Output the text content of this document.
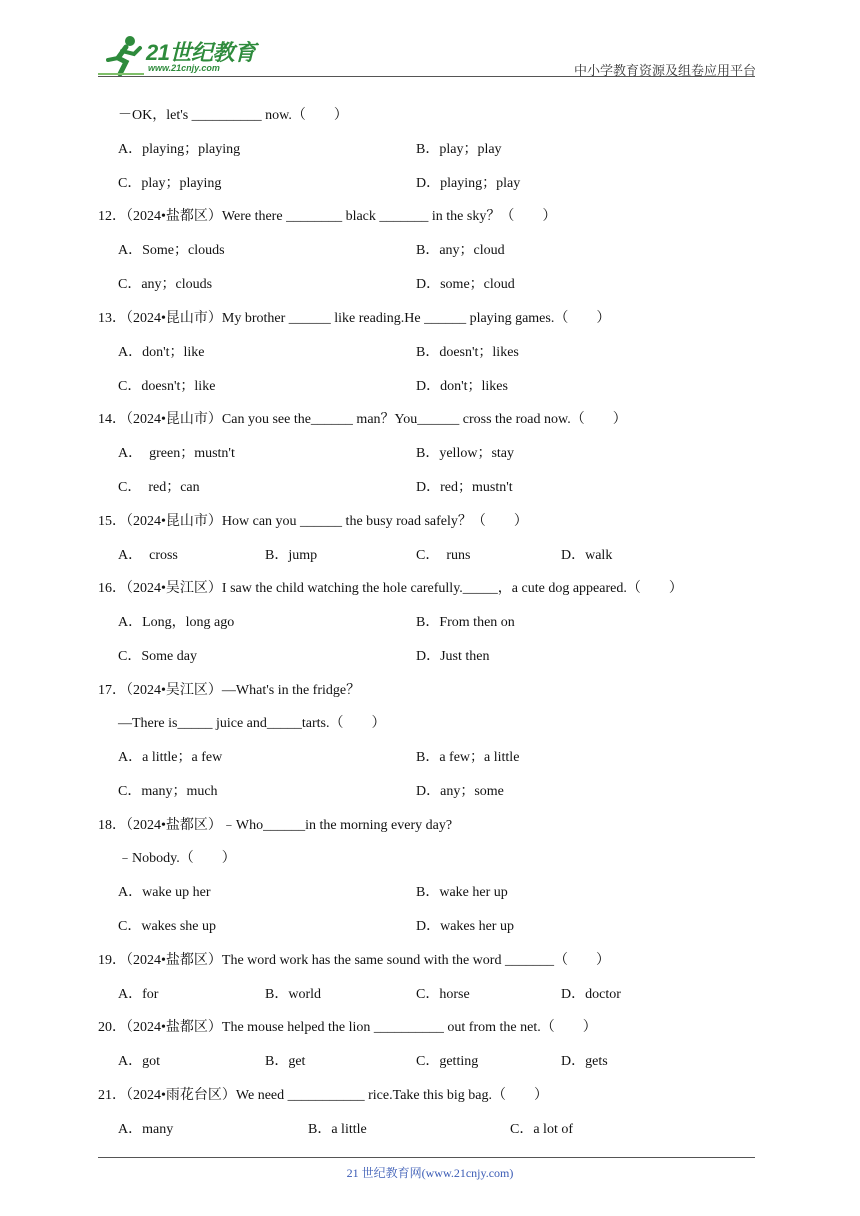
21世纪教育
www.21cnjy.com	中小学教育资源及组卷应用平台
－OK，let's __________ now.（　　）
A．playing；playing	B．play；play
C．play；playing	D．playing；play
12．（2024•盐都区）Were there ________ black _______ in the sky？（　　）
A．Some；clouds	B．any；cloud
C．any；clouds	D．some；cloud
13．（2024•昆山市）My brother ______ like reading.He ______ playing games.（　　）
A．don't；like	B．doesn't；likes
C．doesn't；like	D．don't；likes
14．（2024•昆山市）Can you see the______ man？You______ cross the road now.（　　）
A．  green；mustn't	B．yellow；stay
C．  red；can	D．red；mustn't
15．（2024•昆山市）How can you ______ the busy road safely？（　　）
A．  cross	B．jump	C．  runs	D．walk
16．（2024•吴江区）I saw the child watching the hole carefully._____，a cute dog appeared.（　　）
A．Long，long ago	B．From then on
C．Some day	D．Just then
17．（2024•吴江区）—What's in the fridge？
—There is_____ juice and_____tarts.（　　）
A．a little；a few	B．a few；a little
C．many；much	D．any；some
18．（2024•盐都区）﹣Who______in the morning every day?
﹣Nobody.（　　）
A．wake up her	B．wake her up
C．wakes she up	D．wakes her up
19．（2024•盐都区）The word work has the same sound with the word _______（　　）
A．for	B．world	C．horse	D．doctor
20．（2024•盐都区）The mouse helped the lion __________ out from the net.（　　）
A．got	B．get	C．getting	D．gets
21．（2024•雨花台区）We need ___________ rice.Take this big bag.（　　）
A．many	B．a little	C．a lot of
21 世纪教育网(www.21cnjy.com)
